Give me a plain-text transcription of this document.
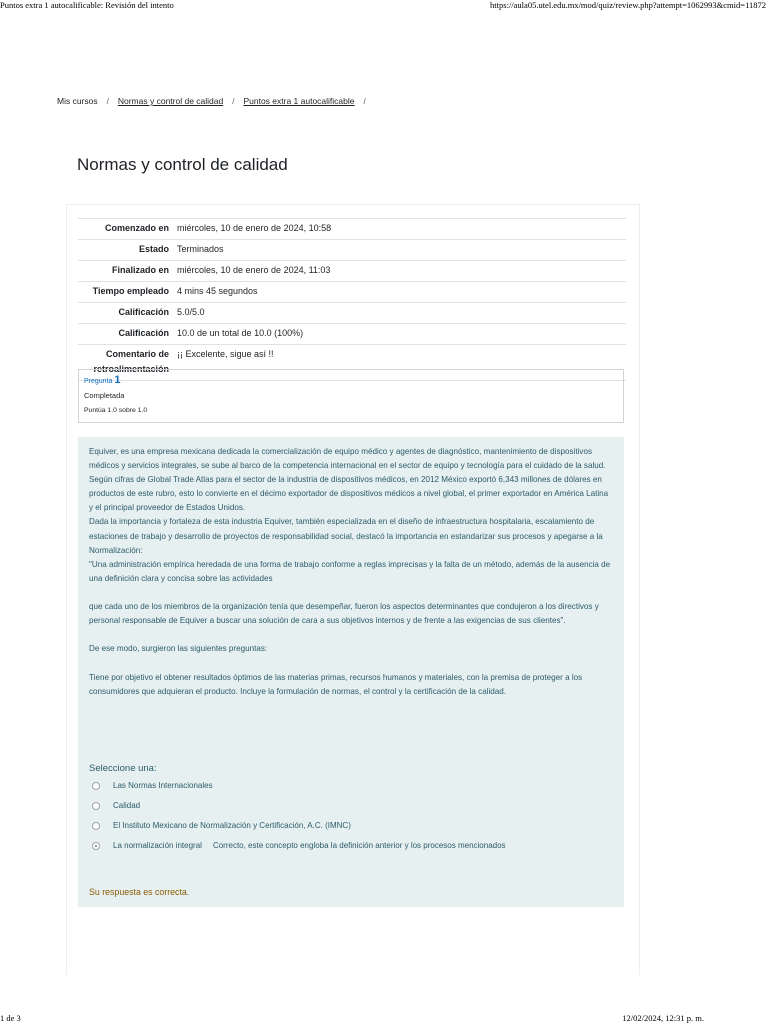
Puntos extra 1 autocalificable: Revisión del intento	https://aula05.utel.edu.mx/mod/quiz/review.php?attempt=1062993&cmid=11872
Mis cursos / Normas y control de calidad / Puntos extra 1 autocalificable /
Normas y control de calidad
Comenzado en	miércoles, 10 de enero de 2024, 10:58
Estado	Terminados
Finalizado en	miércoles, 10 de enero de 2024, 11:03
Tiempo empleado	4 mins 45 segundos
Calificación	5.0/5.0
Calificación	10.0 de un total de 10.0 (100%)
Comentario de retroalimentación	¡¡ Excelente, sigue así !!
Pregunta 1
Completada
Puntúa 1.0 sobre 1.0

Equiver, es una empresa mexicana dedicada la comercialización de equipo médico y agentes de diagnóstico, mantenimiento de dispositivos médicos y servicios integrales, se sube al barco de la competencia internacional en el sector de equipo y tecnología para el cuidado de la salud.

Según cifras de Global Trade Atlas para el sector de la industria de dispositivos médicos, en 2012 México exportó 6,343 millones de dólares en productos de este rubro, esto lo convierte en el décimo exportador de dispositivos médicos a nivel global, el primer exportador en América Latina y el principal proveedor de Estados Unidos.

Dada la importancia y fortaleza de esta industria Equiver, también especializada en el diseño de infraestructura hospitalaria, escalamiento de estaciones de trabajo y desarrollo de proyectos de responsabilidad social, destacó la importancia en estandarizar sus procesos y apegarse a la Normalización:

"Una administración empírica heredada de una forma de trabajo conforme a reglas imprecisas y la falta de un método, además de la ausencia de una definición clara y concisa sobre las actividades

que cada uno de los miembros de la organización tenía que desempeñar, fueron los aspectos determinantes que condujeron a los directivos y personal responsable de Equiver a buscar una solución de cara a sus objetivos internos y de frente a las exigencias de sus clientes".

De ese modo, surgieron las siguientes preguntas:

Tiene por objetivo el obtener resultados óptimos de las materias primas, recursos humanos y materiales, con la premisa de proteger a los consumidores que adquieran el producto. Incluye la formulación de normas, el control y la certificación de la calidad.

Seleccione una:
Las Normas Internacionales
Calidad
El Instituto Mexicano de Normalización y Certificación, A.C. (IMNC)
La normalización integral Correcto, este concepto engloba la definición anterior y los procesos mencionados
Su respuesta es correcta.
1 de 3	12/02/2024, 12:31 p. m.
